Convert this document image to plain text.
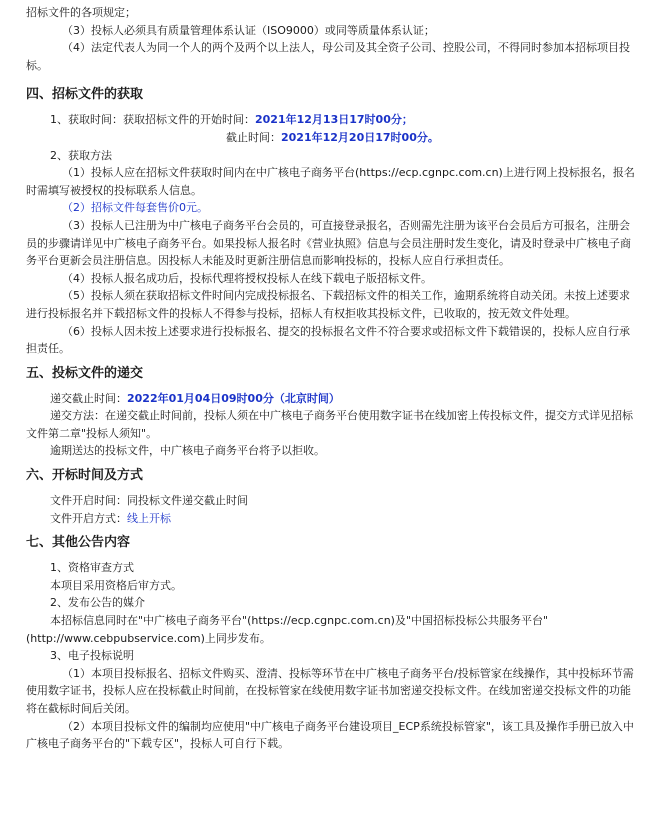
招标文件的各项规定；

（3）投标人必须具有质量管理体系认证（ISO9000）或同等质量体系认证；

（4）法定代表人为同一个人的两个及两个以上法人，母公司及其全资子公司、控股公司，不得同时参加本招标项目投标。

四、招标文件的获取

1、获取时间：获取招标文件的开始时间：2021年12月13日17时00分；

截止时间：2021年12月20日17时00分。

2、获取方法

（1）投标人应在招标文件获取时间内在中广核电子商务平台(https://ecp.cgnpc.com.cn)上进行网上投标报名，报名时需填写被授权的投标联系人信息。

（2）招标文件每套售价0元。

（3）投标人已注册为中广核电子商务平台会员的，可直接登录报名，否则需先注册为该平台会员后方可报名，注册会员的步骤请详见中广核电子商务平台。如果投标人报名时《营业执照》信息与会员注册时发生变化，请及时登录中广核电子商务平台更新会员注册信息。因投标人未能及时更新注册信息而影响投标的，投标人应自行承担责任。

（4）投标人报名成功后，投标代理将授权投标人在线下载电子版招标文件。

（5）投标人须在获取招标文件时间内完成投标报名、下载招标文件的相关工作，逾期系统将自动关闭。未按上述要求进行投标报名并下载招标文件的投标人不得参与投标，招标人有权拒收其投标文件，已收取的，按无效文件处理。

（6）投标人因未按上述要求进行投标报名、提交的投标报名文件不符合要求或招标文件下载错误的，投标人应自行承担责任。

五、投标文件的递交

递交截止时间：2022年01月04日09时00分（北京时间）

递交方法：在递交截止时间前，投标人须在中广核电子商务平台使用数字证书在线加密上传投标文件，提交方式详见招标文件第二章"投标人须知"。

逾期送达的投标文件，中广核电子商务平台将予以拒收。

六、开标时间及方式

文件开启时间：同投标文件递交截止时间

文件开启方式：线上开标

七、其他公告内容

1、资格审查方式

本项目采用资格后审方式。

2、发布公告的媒介

本招标信息同时在"中广核电子商务平台"(https://ecp.cgnpc.com.cn)及"中国招标投标公共服务平台"(http://www.cebpubservice.com)上同步发布。

3、电子投标说明

（1）本项目投标报名、招标文件购买、澄清、投标等环节在中广核电子商务平台/投标管家在线操作，其中投标环节需使用数字证书，投标人应在投标截止时间前，在投标管家在线使用数字证书加密递交投标文件。在线加密递交投标文件的功能将在截标时间后关闭。

（2）本项目投标文件的编制均应使用"中广核电子商务平台建设项目_ECP系统投标管家"，该工具及操作手册已放入中广核电子商务平台的"下载专区"，投标人可自行下载。
